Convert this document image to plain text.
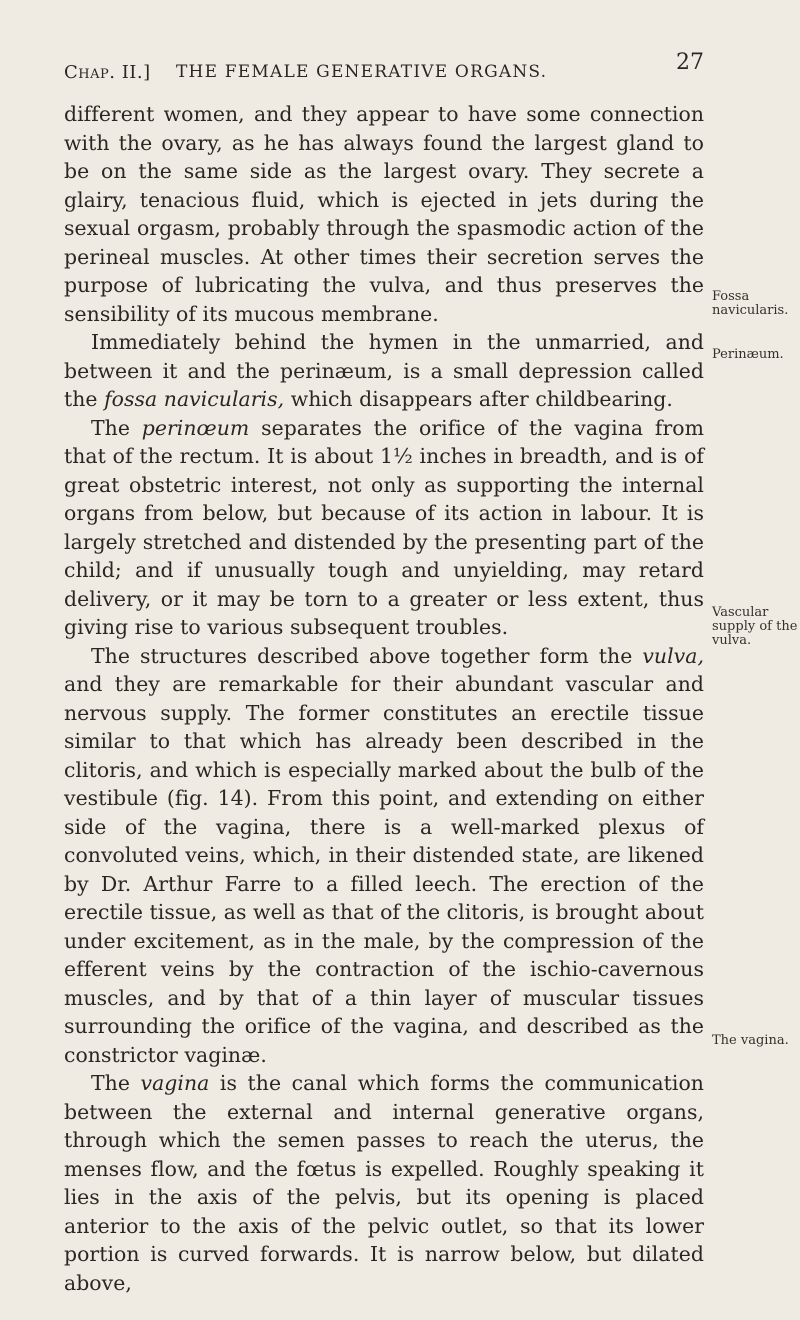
Chap. II.] THE FEMALE GENERATIVE ORGANS.	27

different women, and they appear to have some connection with the ovary, as he has always found the largest gland to be on the same side as the largest ovary. They secrete a glairy, tenacious fluid, which is ejected in jets during the sexual orgasm, probably through the spasmodic action of the perineal muscles. At other times their secretion serves the purpose of lubricating the vulva, and thus preserves the sensibility of its mucous membrane.

Immediately behind the hymen in the unmarried, and between it and the perinæum, is a small depression called the fossa navicularis, which disappears after childbearing.

The perinœum separates the orifice of the vagina from that of the rectum. It is about 1½ inches in breadth, and is of great obstetric interest, not only as supporting the internal organs from below, but because of its action in labour. It is largely stretched and distended by the presenting part of the child; and if unusually tough and unyielding, may retard delivery, or it may be torn to a greater or less extent, thus giving rise to various subsequent troubles.

The structures described above together form the vulva, and they are remarkable for their abundant vascular and nervous supply. The former constitutes an erectile tissue similar to that which has already been described in the clitoris, and which is especially marked about the bulb of the vestibule (fig. 14). From this point, and extending on either side of the vagina, there is a well-marked plexus of convoluted veins, which, in their distended state, are likened by Dr. Arthur Farre to a filled leech. The erection of the erectile tissue, as well as that of the clitoris, is brought about under excitement, as in the male, by the compression of the efferent veins by the contraction of the ischio-cavernous muscles, and by that of a thin layer of muscular tissues surrounding the orifice of the vagina, and described as the constrictor vaginæ.

The vagina is the canal which forms the communication between the external and internal generative organs, through which the semen passes to reach the uterus, the menses flow, and the fœtus is expelled. Roughly speaking it lies in the axis of the pelvis, but its opening is placed anterior to the axis of the pelvic outlet, so that its lower portion is curved forwards. It is narrow below, but dilated above,

Fossa navicularis.
Perinæum.
Vascular supply of the vulva.
The vagina.
